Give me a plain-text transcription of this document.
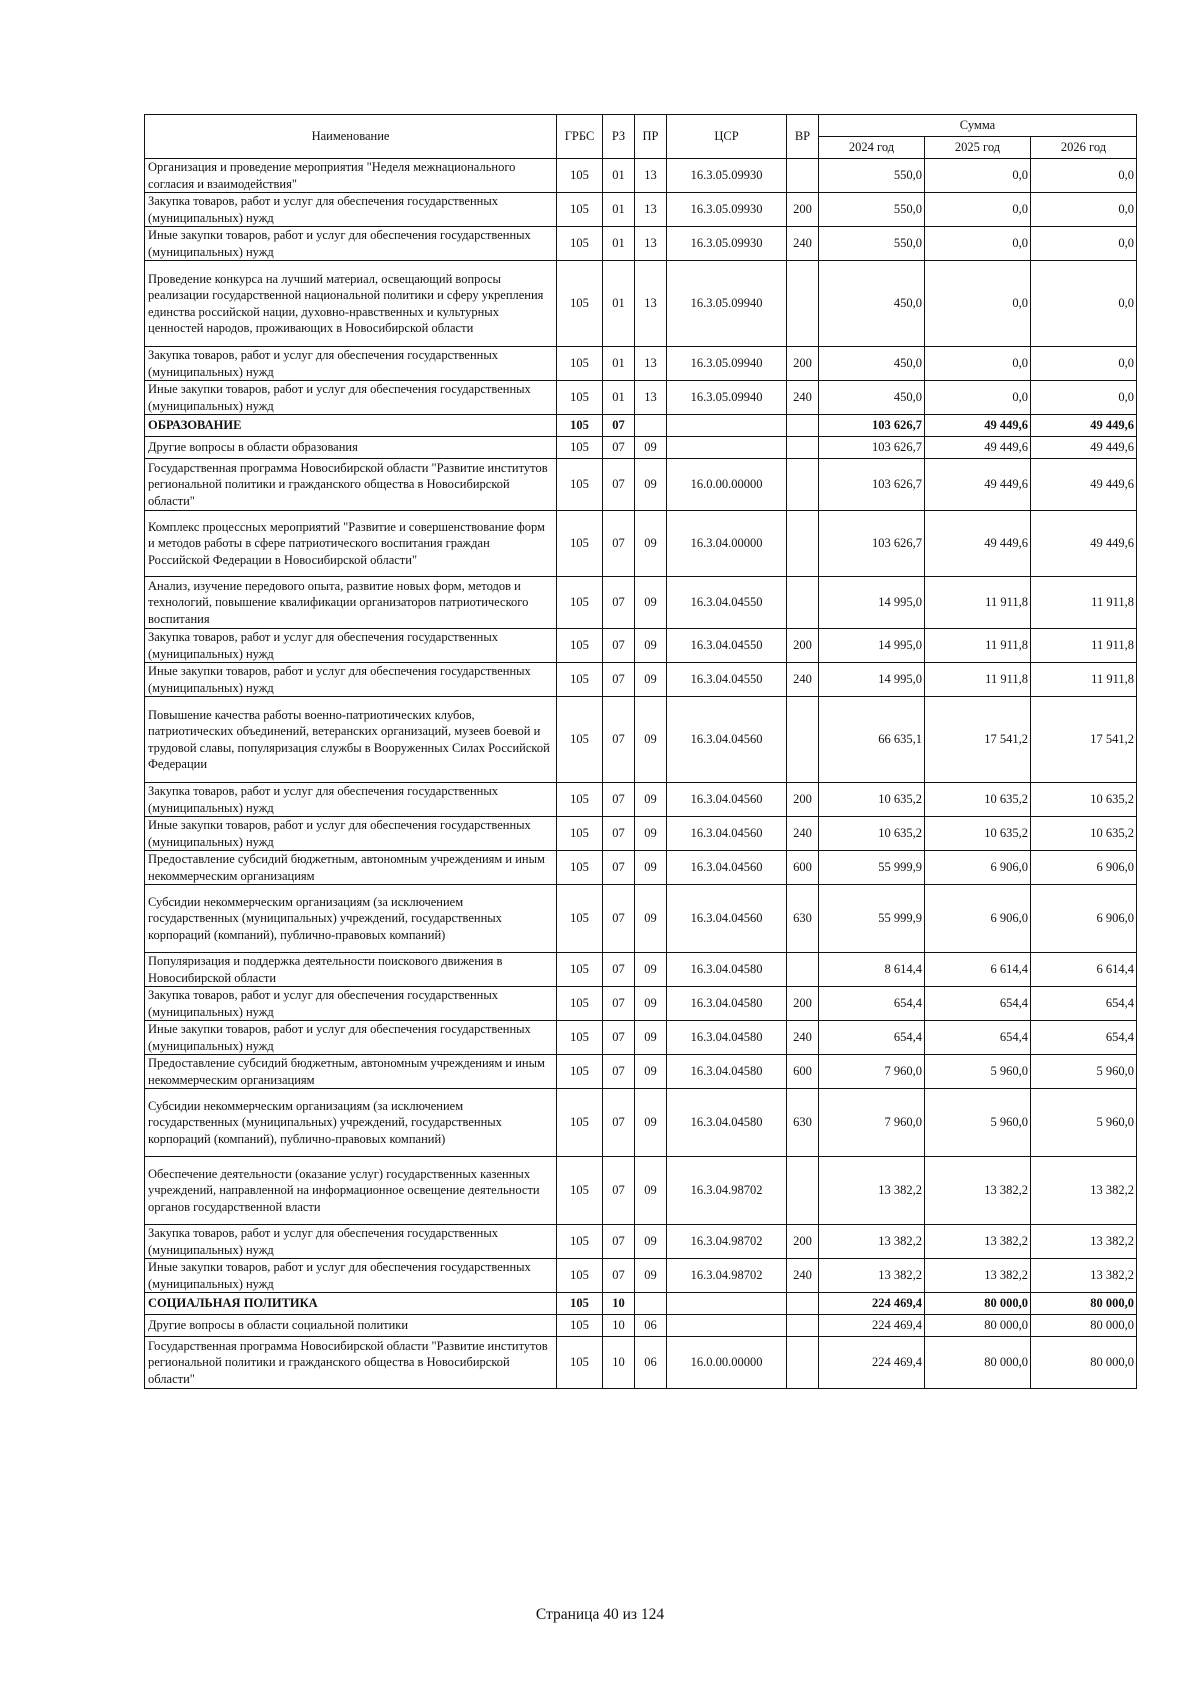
Наименование	ГРБС	РЗ	ПР	ЦСР	ВР	Сумма		
						2024 год	2025 год	2026 год
Организация и проведение мероприятия "Неделя межнационального согласия и взаимодействия"	105	01	13	16.3.05.09930		550,0	0,0	0,0
Закупка товаров, работ и услуг для обеспечения государственных (муниципальных) нужд	105	01	13	16.3.05.09930	200	550,0	0,0	0,0
Иные закупки товаров, работ и услуг для обеспечения государственных (муниципальных) нужд	105	01	13	16.3.05.09930	240	550,0	0,0	0,0
Проведение конкурса на лучший материал, освещающий вопросы реализации государственной национальной политики и сферу укрепления единства российской нации, духовно-нравственных и культурных ценностей народов, проживающих в Новосибирской области	105	01	13	16.3.05.09940		450,0	0,0	0,0
Закупка товаров, работ и услуг для обеспечения государственных (муниципальных) нужд	105	01	13	16.3.05.09940	200	450,0	0,0	0,0
Иные закупки товаров, работ и услуг для обеспечения государственных (муниципальных) нужд	105	01	13	16.3.05.09940	240	450,0	0,0	0,0
ОБРАЗОВАНИЕ	105	07				103 626,7	49 449,6	49 449,6
Другие вопросы в области образования	105	07	09			103 626,7	49 449,6	49 449,6
Государственная программа Новосибирской области "Развитие институтов региональной политики и гражданского общества в Новосибирской области"	105	07	09	16.0.00.00000		103 626,7	49 449,6	49 449,6
Комплекс процессных мероприятий "Развитие и совершенствование форм и методов работы в сфере патриотического воспитания граждан Российской Федерации в Новосибирской области"	105	07	09	16.3.04.00000		103 626,7	49 449,6	49 449,6
Анализ, изучение передового опыта, развитие новых форм, методов и технологий, повышение квалификации организаторов патриотического воспитания	105	07	09	16.3.04.04550		14 995,0	11 911,8	11 911,8
Закупка товаров, работ и услуг для обеспечения государственных (муниципальных) нужд	105	07	09	16.3.04.04550	200	14 995,0	11 911,8	11 911,8
Иные закупки товаров, работ и услуг для обеспечения государственных (муниципальных) нужд	105	07	09	16.3.04.04550	240	14 995,0	11 911,8	11 911,8
Повышение качества работы военно-патриотических клубов, патриотических объединений, ветеранских организаций, музеев боевой и трудовой славы, популяризация службы в Вооруженных Силах Российской Федерации	105	07	09	16.3.04.04560		66 635,1	17 541,2	17 541,2
Закупка товаров, работ и услуг для обеспечения государственных (муниципальных) нужд	105	07	09	16.3.04.04560	200	10 635,2	10 635,2	10 635,2
Иные закупки товаров, работ и услуг для обеспечения государственных (муниципальных) нужд	105	07	09	16.3.04.04560	240	10 635,2	10 635,2	10 635,2
Предоставление субсидий бюджетным, автономным учреждениям и иным некоммерческим организациям	105	07	09	16.3.04.04560	600	55 999,9	6 906,0	6 906,0
Субсидии некоммерческим организациям (за исключением государственных (муниципальных) учреждений, государственных корпораций (компаний), публично-правовых компаний)	105	07	09	16.3.04.04560	630	55 999,9	6 906,0	6 906,0
Популяризация и поддержка деятельности поискового движения в Новосибирской области	105	07	09	16.3.04.04580		8 614,4	6 614,4	6 614,4
Закупка товаров, работ и услуг для обеспечения государственных (муниципальных) нужд	105	07	09	16.3.04.04580	200	654,4	654,4	654,4
Иные закупки товаров, работ и услуг для обеспечения государственных (муниципальных) нужд	105	07	09	16.3.04.04580	240	654,4	654,4	654,4
Предоставление субсидий бюджетным, автономным учреждениям и иным некоммерческим организациям	105	07	09	16.3.04.04580	600	7 960,0	5 960,0	5 960,0
Субсидии некоммерческим организациям (за исключением государственных (муниципальных) учреждений, государственных корпораций (компаний), публично-правовых компаний)	105	07	09	16.3.04.04580	630	7 960,0	5 960,0	5 960,0
Обеспечение деятельности (оказание услуг) государственных казенных учреждений, направленной на информационное освещение деятельности органов государственной власти	105	07	09	16.3.04.98702		13 382,2	13 382,2	13 382,2
Закупка товаров, работ и услуг для обеспечения государственных (муниципальных) нужд	105	07	09	16.3.04.98702	200	13 382,2	13 382,2	13 382,2
Иные закупки товаров, работ и услуг для обеспечения государственных (муниципальных) нужд	105	07	09	16.3.04.98702	240	13 382,2	13 382,2	13 382,2
СОЦИАЛЬНАЯ ПОЛИТИКА	105	10				224 469,4	80 000,0	80 000,0
Другие вопросы в области социальной политики	105	10	06			224 469,4	80 000,0	80 000,0
Государственная программа Новосибирской области "Развитие институтов региональной политики и гражданского общества в Новосибирской области"	105	10	06	16.0.00.00000		224 469,4	80 000,0	80 000,0
Страница 40 из 124
